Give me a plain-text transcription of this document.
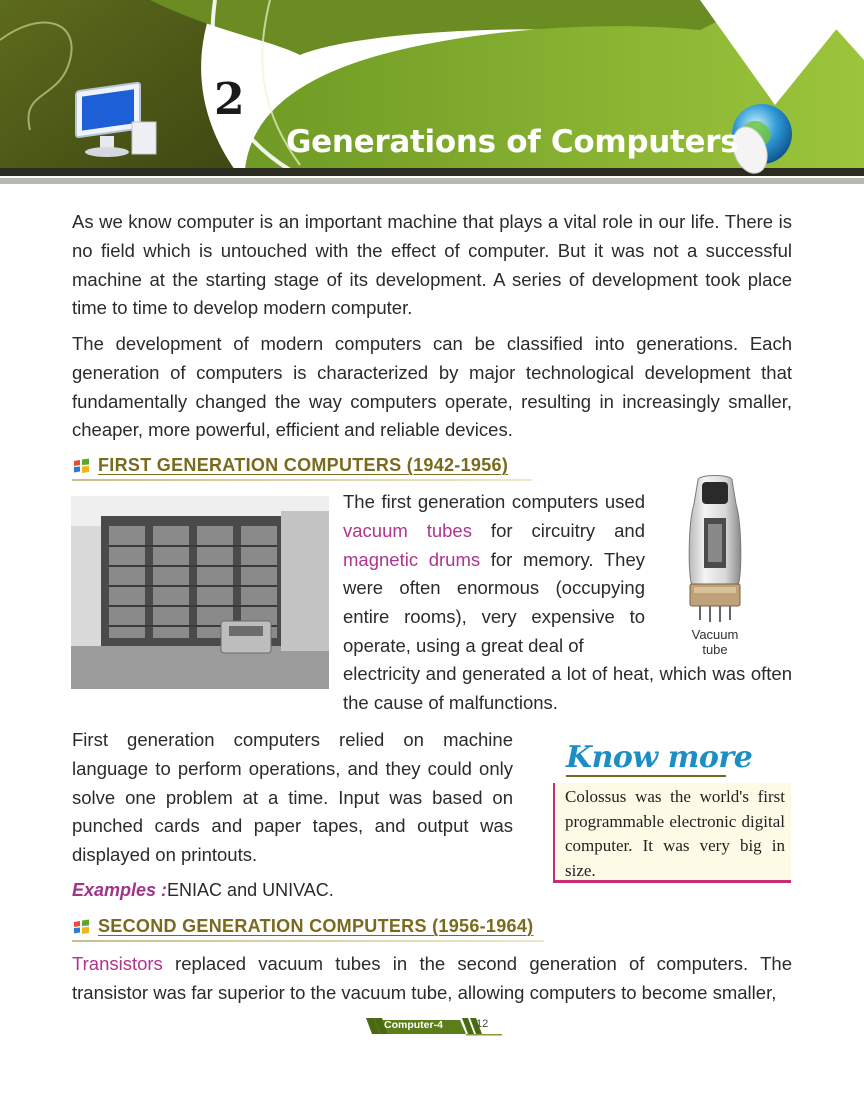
2
Generations of Computers
As we know computer is an important machine that plays a vital role in our life. There is no field which is untouched with the effect of computer. But it was not a successful machine at the starting stage of its development. A series of development took place time to time to develop modern computer.
The development of modern computers can be classified into generations. Each generation of computers is characterized by major technological development that fundamentally changed the way computers operate, resulting in increasingly smaller, cheaper, more powerful, efficient and reliable devices.
FIRST GENERATION COMPUTERS (1942-1956)
The first generation computers used vacuum tubes for circuitry and magnetic drums for memory. They were often enormous (occupying entire rooms), very expensive to operate, using a great deal of
electricity and generated a lot of heat, which was often the cause of malfunctions.
Vacuum
tube
First generation computers relied on machine language to perform operations, and they could only solve one problem at a time. Input was based on punched cards and paper tapes, and output was displayed on printouts.
Examples :ENIAC and UNIVAC.
Know more
Colossus was the world's first programmable electronic digital computer. It was very big in size.
SECOND GENERATION COMPUTERS (1956-1964)
Transistors replaced vacuum tubes in the second generation of computers. The transistor was far superior to the vacuum tube, allowing computers to become smaller,
Computer-4	12
